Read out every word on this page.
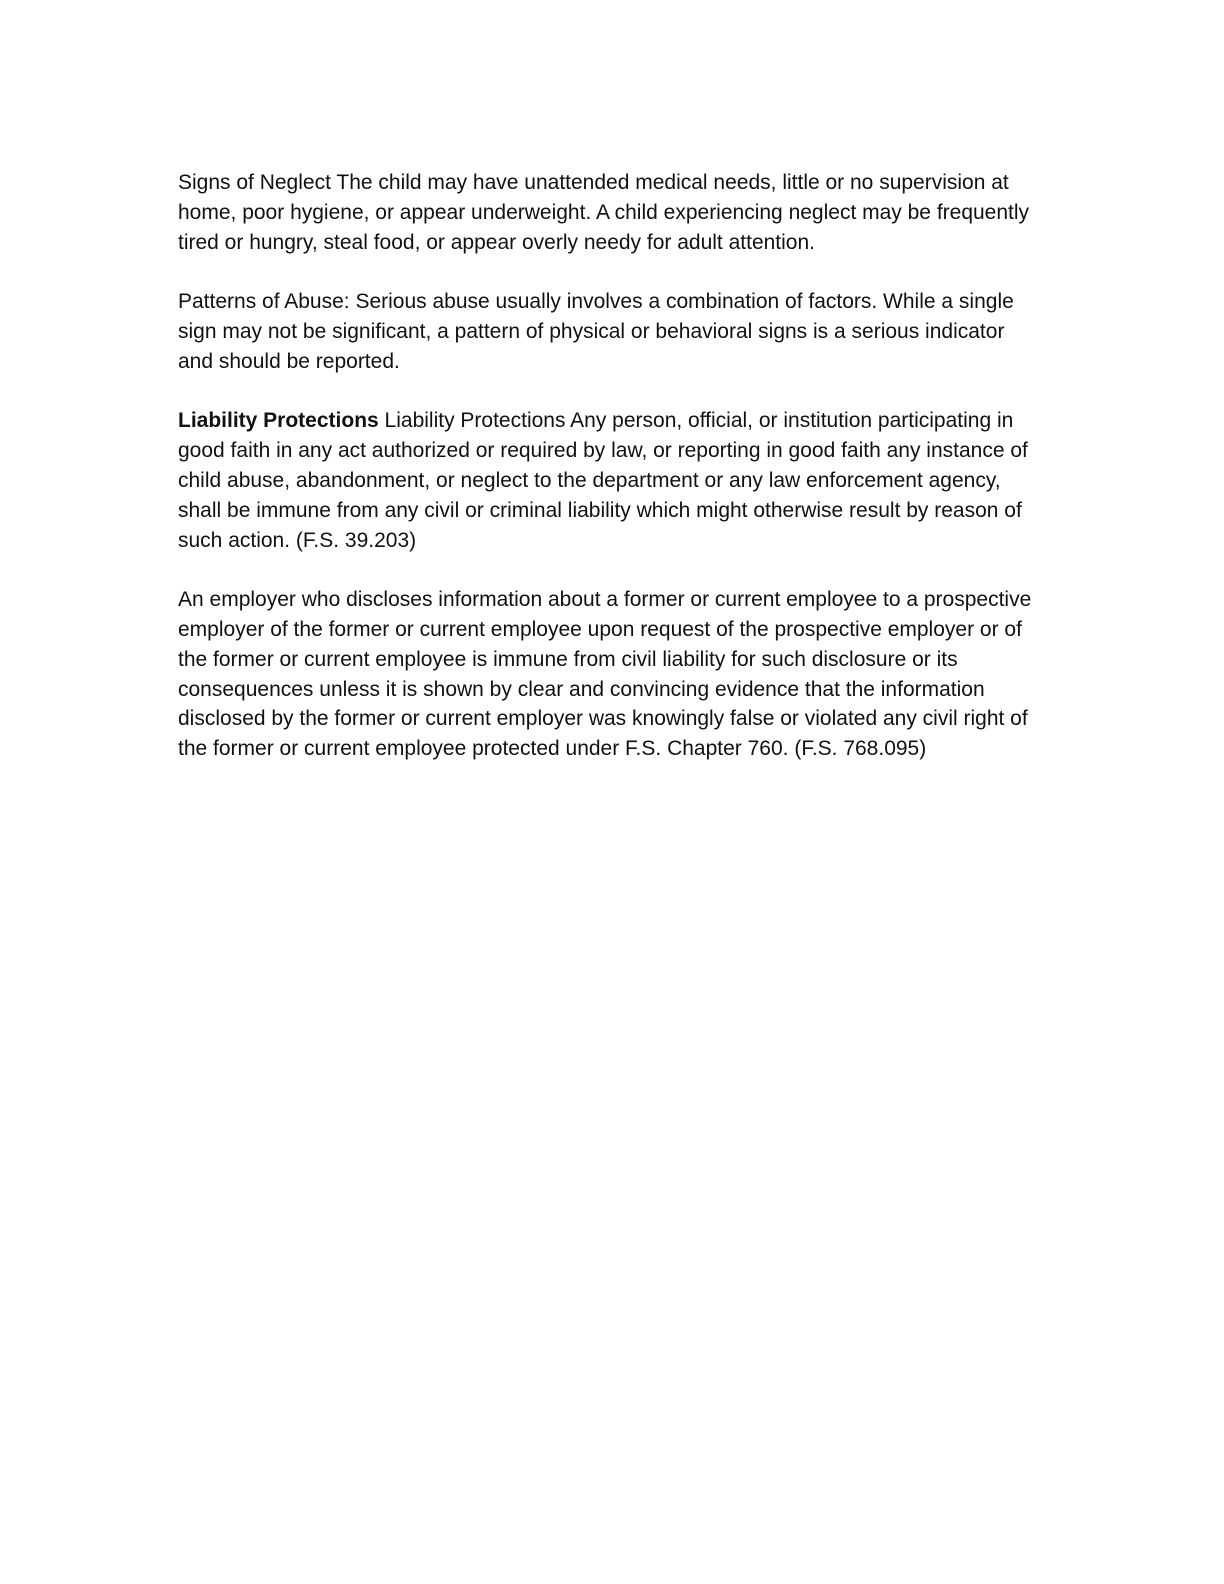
Signs of Neglect The child may have unattended medical needs, little or no supervision at home, poor hygiene, or appear underweight. A child experiencing neglect may be frequently tired or hungry, steal food, or appear overly needy for adult attention.

Patterns of Abuse: Serious abuse usually involves a combination of factors. While a single sign may not be significant, a pattern of physical or behavioral signs is a serious indicator and should be reported.

Liability Protections Liability Protections Any person, official, or institution participating in good faith in any act authorized or required by law, or reporting in good faith any instance of child abuse, abandonment, or neglect to the department or any law enforcement agency, shall be immune from any civil or criminal liability which might otherwise result by reason of such action. (F.S. 39.203)

An employer who discloses information about a former or current employee to a prospective employer of the former or current employee upon request of the prospective employer or of the former or current employee is immune from civil liability for such disclosure or its consequences unless it is shown by clear and convincing evidence that the information disclosed by the former or current employer was knowingly false or violated any civil right of the former or current employee protected under F.S. Chapter 760. (F.S. 768.095)
